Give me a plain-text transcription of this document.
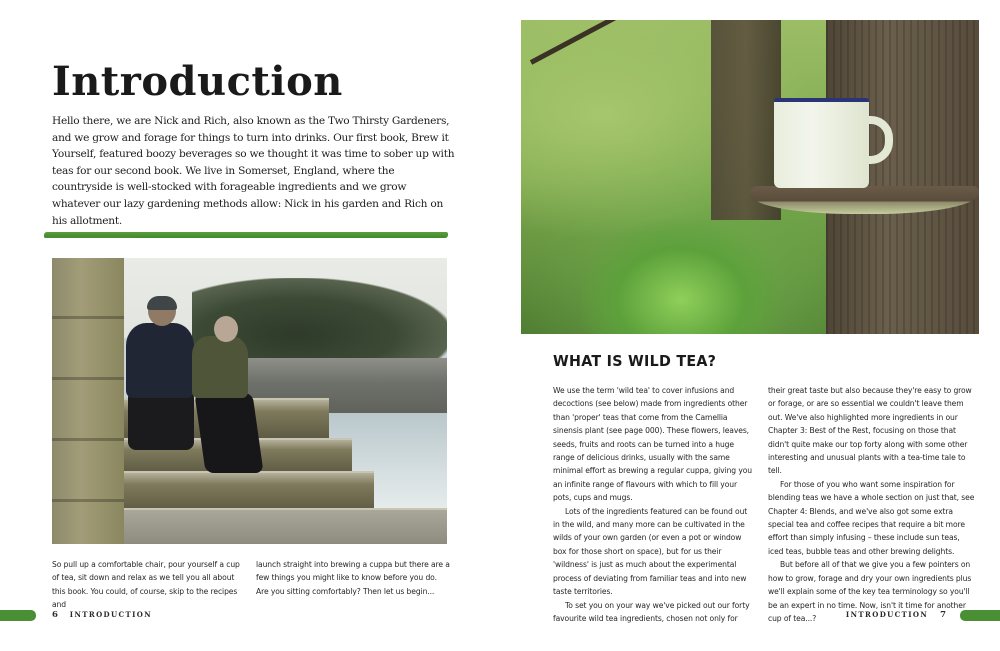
Introduction

Hello there, we are Nick and Rich, also known as the Two Thirsty Gardeners, and we grow and forage for things to turn into drinks. Our first book, Brew it Yourself, featured boozy beverages so we thought it was time to sober up with teas for our second book. We live in Somerset, England, where the countryside is well-stocked with forageable ingredients and we grow whatever our lazy gardening methods allow: Nick in his garden and Rich on his allotment.

So pull up a comfortable chair, pour yourself a cup of tea, sit down and relax as we tell you all about this book. You could, of course, skip to the recipes and

launch straight into brewing a cuppa but there are a few things you might like to know before you do. Are you sitting comfortably? Then let us begin...

6 INTRODUCTION
WHAT IS WILD TEA?

We use the term 'wild tea' to cover infusions and decoctions (see below) made from ingredients other than 'proper' teas that come from the Camellia sinensis plant (see page 000). These flowers, leaves, seeds, fruits and roots can be turned into a huge range of delicious drinks, usually with the same minimal effort as brewing a regular cuppa, giving you an infinite range of flavours with which to fill your pots, cups and mugs.

Lots of the ingredients featured can be found out in the wild, and many more can be cultivated in the wilds of your own garden (or even a pot or window box for those short on space), but for us their 'wildness' is just as much about the experimental process of deviating from familiar teas and into new taste territories.

To set you on your way we've picked out our forty favourite wild tea ingredients, chosen not only for

their great taste but also because they're easy to grow or forage, or are so essential we couldn't leave them out. We've also highlighted more ingredients in our Chapter 3: Best of the Rest, focusing on those that didn't quite make our top forty along with some other interesting and unusual plants with a tea-time tale to tell.

For those of you who want some inspiration for blending teas we have a whole section on just that, see Chapter 4: Blends, and we've also got some extra special tea and coffee recipes that require a bit more effort than simply infusing – these include sun teas, iced teas, bubble teas and other brewing delights.

But before all of that we give you a few pointers on how to grow, forage and dry your own ingredients plus we'll explain some of the key tea terminology so you'll be an expert in no time. Now, isn't it time for another cup of tea...?	INTRODUCTION 7
